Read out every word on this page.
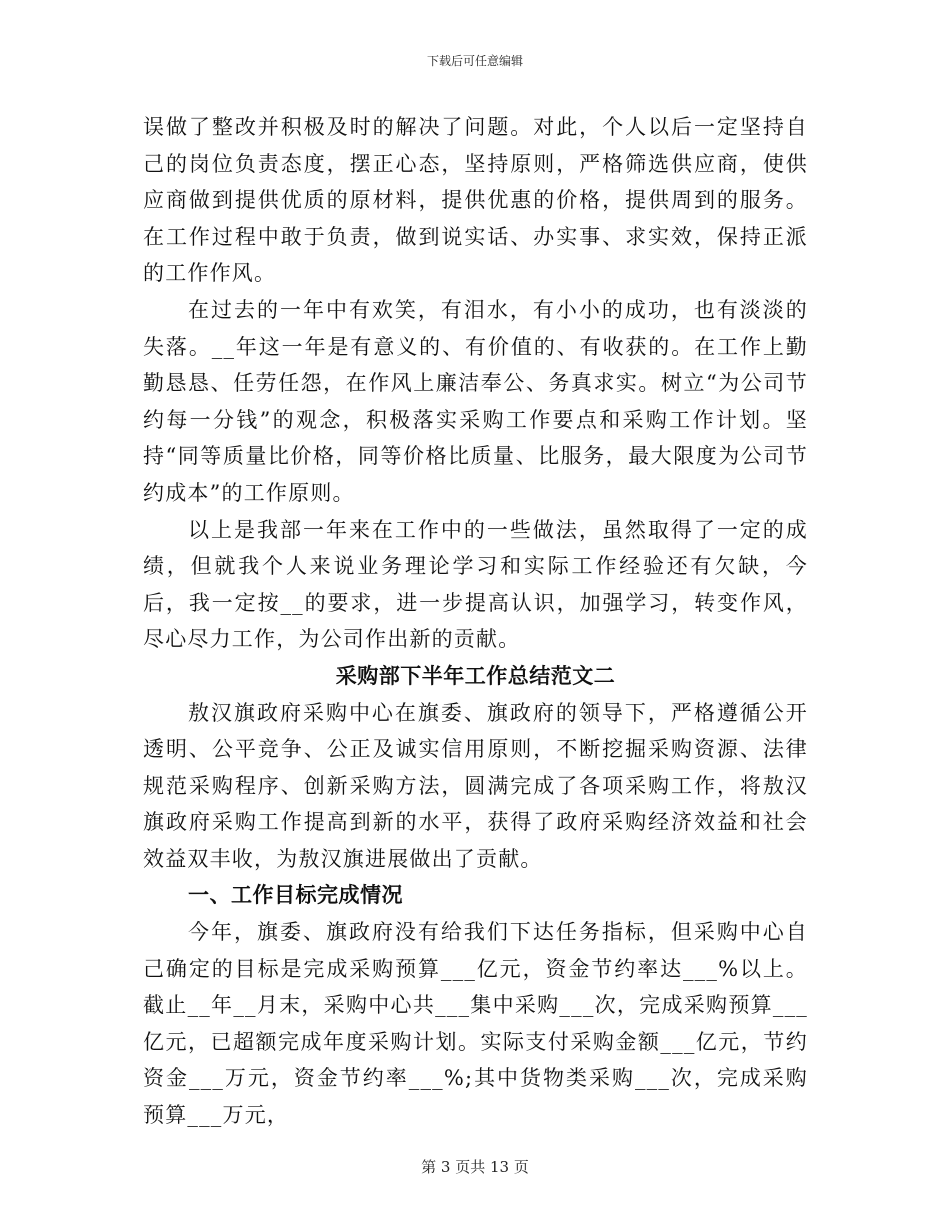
下载后可任意编辑

误做了整改并积极及时的解决了问题。对此，个人以后一定坚持自己的岗位负责态度，摆正心态，坚持原则，严格筛选供应商，使供应商做到提供优质的原材料，提供优惠的价格，提供周到的服务。在工作过程中敢于负责，做到说实话、办实事、求实效，保持正派的工作作风。

在过去的一年中有欢笑，有泪水，有小小的成功，也有淡淡的失落。__年这一年是有意义的、有价值的、有收获的。在工作上勤勤恳恳、任劳任怨，在作风上廉洁奉公、务真求实。树立“为公司节约每一分钱”的观念，积极落实采购工作要点和采购工作计划。坚持“同等质量比价格，同等价格比质量、比服务，最大限度为公司节约成本”的工作原则。

以上是我部一年来在工作中的一些做法，虽然取得了一定的成绩，但就我个人来说业务理论学习和实际工作经验还有欠缺，今后，我一定按__的要求，进一步提高认识，加强学习，转变作风，尽心尽力工作，为公司作出新的贡献。

采购部下半年工作总结范文二

敖汉旗政府采购中心在旗委、旗政府的领导下，严格遵循公开透明、公平竞争、公正及诚实信用原则，不断挖掘采购资源、法律规范采购程序、创新采购方法，圆满完成了各项采购工作，将敖汉旗政府采购工作提高到新的水平，获得了政府采购经济效益和社会效益双丰收，为敖汉旗进展做出了贡献。

一、工作目标完成情况

今年，旗委、旗政府没有给我们下达任务指标，但采购中心自己确定的目标是完成采购预算___亿元，资金节约率达___%以上。截止__年__月末，采购中心共___集中采购___次，完成采购预算___亿元，已超额完成年度采购计划。实际支付采购金额___亿元，节约资金___万元，资金节约率___%;其中货物类采购___次，完成采购预算___万元，

第 3 页共 13 页
